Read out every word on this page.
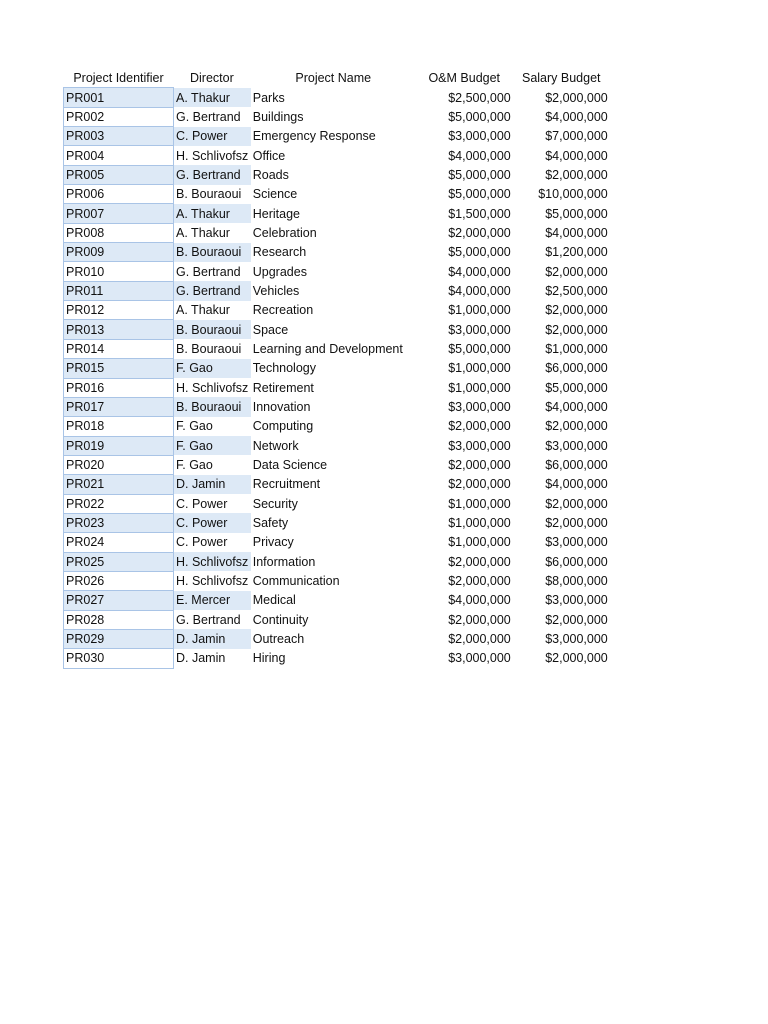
Project Identifier	Director	Project Name	O&M Budget	Salary Budget
PR001	A. Thakur	Parks	$2,500,000	$2,000,000
PR002	G. Bertrand	Buildings	$5,000,000	$4,000,000
PR003	C. Power	Emergency Response	$3,000,000	$7,000,000
PR004	H. Schlivofsz	Office	$4,000,000	$4,000,000
PR005	G. Bertrand	Roads	$5,000,000	$2,000,000
PR006	B. Bouraoui	Science	$5,000,000	$10,000,000
PR007	A. Thakur	Heritage	$1,500,000	$5,000,000
PR008	A. Thakur	Celebration	$2,000,000	$4,000,000
PR009	B. Bouraoui	Research	$5,000,000	$1,200,000
PR010	G. Bertrand	Upgrades	$4,000,000	$2,000,000
PR011	G. Bertrand	Vehicles	$4,000,000	$2,500,000
PR012	A. Thakur	Recreation	$1,000,000	$2,000,000
PR013	B. Bouraoui	Space	$3,000,000	$2,000,000
PR014	B. Bouraoui	Learning and Development	$5,000,000	$1,000,000
PR015	F. Gao	Technology	$1,000,000	$6,000,000
PR016	H. Schlivofsz	Retirement	$1,000,000	$5,000,000
PR017	B. Bouraoui	Innovation	$3,000,000	$4,000,000
PR018	F. Gao	Computing	$2,000,000	$2,000,000
PR019	F. Gao	Network	$3,000,000	$3,000,000
PR020	F. Gao	Data Science	$2,000,000	$6,000,000
PR021	D. Jamin	Recruitment	$2,000,000	$4,000,000
PR022	C. Power	Security	$1,000,000	$2,000,000
PR023	C. Power	Safety	$1,000,000	$2,000,000
PR024	C. Power	Privacy	$1,000,000	$3,000,000
PR025	H. Schlivofsz	Information	$2,000,000	$6,000,000
PR026	H. Schlivofsz	Communication	$2,000,000	$8,000,000
PR027	E. Mercer	Medical	$4,000,000	$3,000,000
PR028	G. Bertrand	Continuity	$2,000,000	$2,000,000
PR029	D. Jamin	Outreach	$2,000,000	$3,000,000
PR030	D. Jamin	Hiring	$3,000,000	$2,000,000
